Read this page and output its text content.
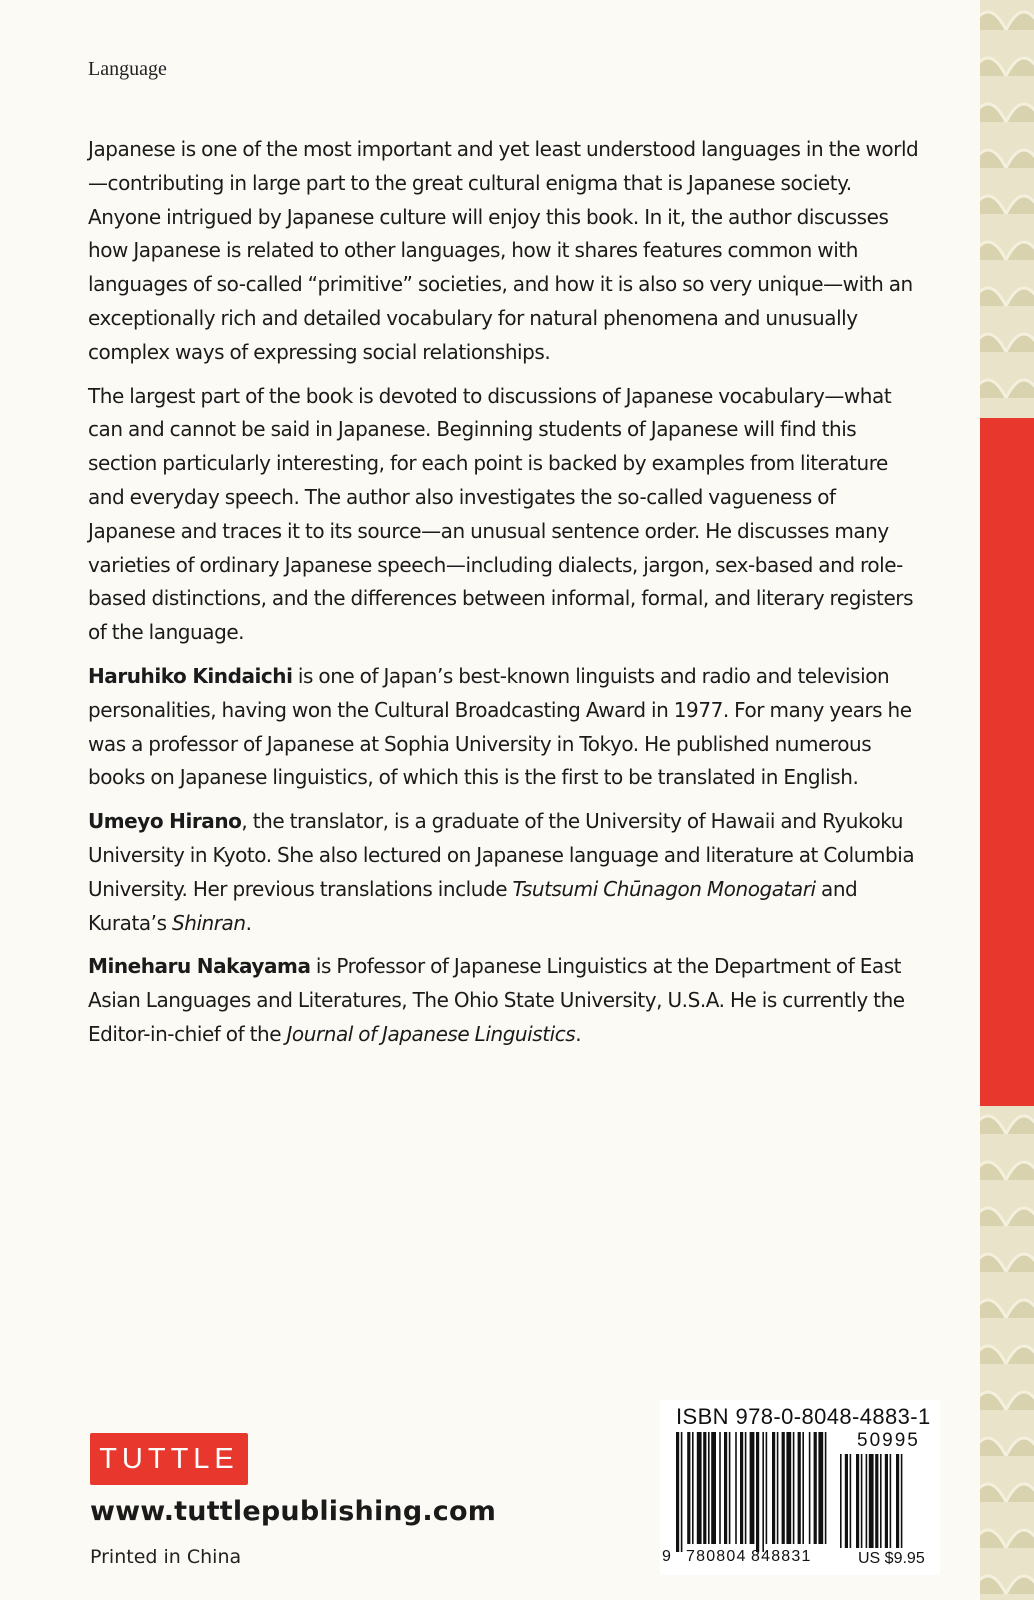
Language

Japanese is one of the most important and yet least understood languages in the world—contributing in large part to the great cultural enigma that is Japanese society. Anyone intrigued by Japanese culture will enjoy this book. In it, the author discusses how Japanese is related to other languages, how it shares features common with languages of so-called “primitive” societies, and how it is also so very unique—with an exceptionally rich and detailed vocabulary for natural phenomena and unusually complex ways of expressing social relationships.

The largest part of the book is devoted to discussions of Japanese vocabulary—what can and cannot be said in Japanese. Beginning students of Japanese will find this section particularly interesting, for each point is backed by examples from literature and everyday speech. The author also investigates the so-called vagueness of Japanese and traces it to its source—an unusual sentence order. He discusses many varieties of ordinary Japanese speech—including dialects, jargon, sex-based and role-based distinctions, and the differences between informal, formal, and literary registers of the language.

Haruhiko Kindaichi is one of Japan’s best-known linguists and radio and television personalities, having won the Cultural Broadcasting Award in 1977. For many years he was a professor of Japanese at Sophia University in Tokyo. He published numerous books on Japanese linguistics, of which this is the first to be translated in English.

Umeyo Hirano, the translator, is a graduate of the University of Hawaii and Ryukoku University in Kyoto. She also lectured on Japanese language and literature at Columbia University. Her previous translations include Tsutsumi Chūnagon Monogatari and Kurata’s Shinran.

Mineharu Nakayama is Professor of Japanese Linguistics at the Department of East Asian Languages and Literatures, The Ohio State University, U.S.A. He is currently the Editor-in-chief of the Journal of Japanese Linguistics.

TUTTLE
www.tuttlepublishing.com
Printed in China
ISBN 978-0-8048-4883-1
50995
9 780804 848831	US $9.95
